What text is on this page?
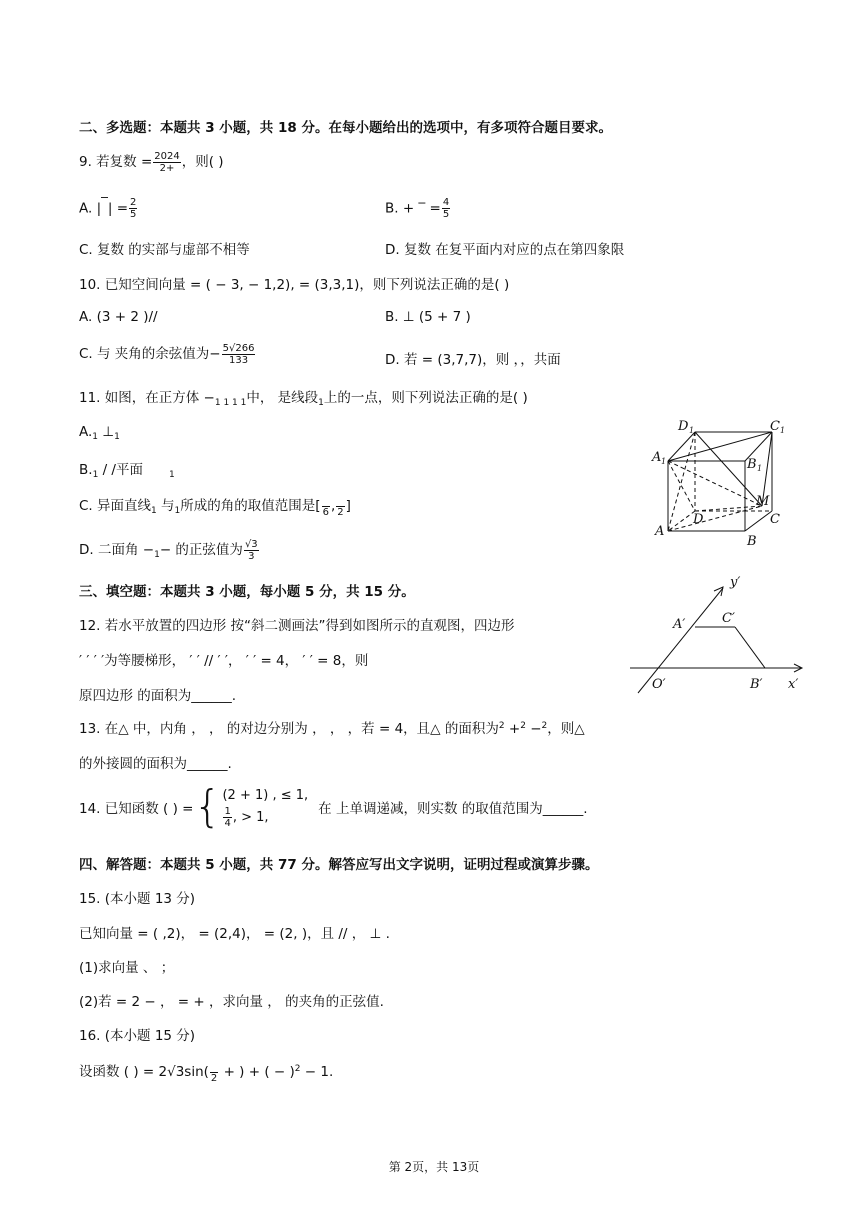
二、多选题：本题共 3 小题，共 18 分。在每小题给出的选项中，有多项符合题目要求。
9. 若复数 = $\frac{2024}{2+}$ ，则( )
A. |‾| = $\frac{2}{5}$	B. + ‾ = $\frac{4}{5}$
C. 复数 的实部与虚部不相等	D. 复数 在复平面内对应的点在第四象限
10. 已知空间向量 = ( − 3, − 1,2), = (3,3,1)，则下列说法正确的是( )
A. (3 + 2 )//	B. ⊥ (5 + 7 )
C. 与 夹角的余弦值为− $\frac{5√266}{133}$	D. 若 = (3,7,7)，则 ，，共面
11. 如图，在正方体 $-_{1 1 1 1}$中， 是线段$_1$上的一点，则下列说法正确的是( )
$A._1$ $\perp_1$
$B._1$ / /平面	$_1$
C. 异面直线$_1$ 与$_1$所成的角的取值范围是[
6 ,
2 ]
D. 二面角 $-_1-$ 的正弦值为 $\frac{√3}{3}$
D 1	C 1
A 1	B 1
D	C
A
B
M
三、填空题：本题共 3 小题，每小题 5 分，共 15 分。
12. 若水平放置的四边形 按“斜二测画法”得到如图所示的直观图，四边形
′ ′ ′ ′为等腰梯形， ′ ′ // ′ ′， ′ ′ = 4， ′ ′ = 8，则
原四边形 的面积为______.
y′
A′	C′
O′	B′ x′
13. 在△ 中，内角 ， ， 的对边分别为 ， ， ，若 = 4，且△ 的面积为$^2$ +$^2$ −$^2$，则△
的外接圆的面积为______.
14. 已知函数 ( ) ={ (2 + 1) , ≤ 1,
$\frac{1}{4}$ , > 1,	在 上单调递减，则实数 的取值范围为______.
四、解答题：本题共 5 小题，共 77 分。解答应写出文字说明，证明过程或演算步骤。
15. (本小题 13 分)
已知向量 = ( ,2)， = (2,4)， = (2, )，且 // ， ⊥ .
(1)求向量 、 ；
(2)若 = 2 − ， = + ，求向量 ， 的夹角的正弦值.
16. (本小题 15 分)
设函数 ( ) = 2√3sin(
2 + ) + ( − )$^2$ − 1.
第 2页，共 13页
